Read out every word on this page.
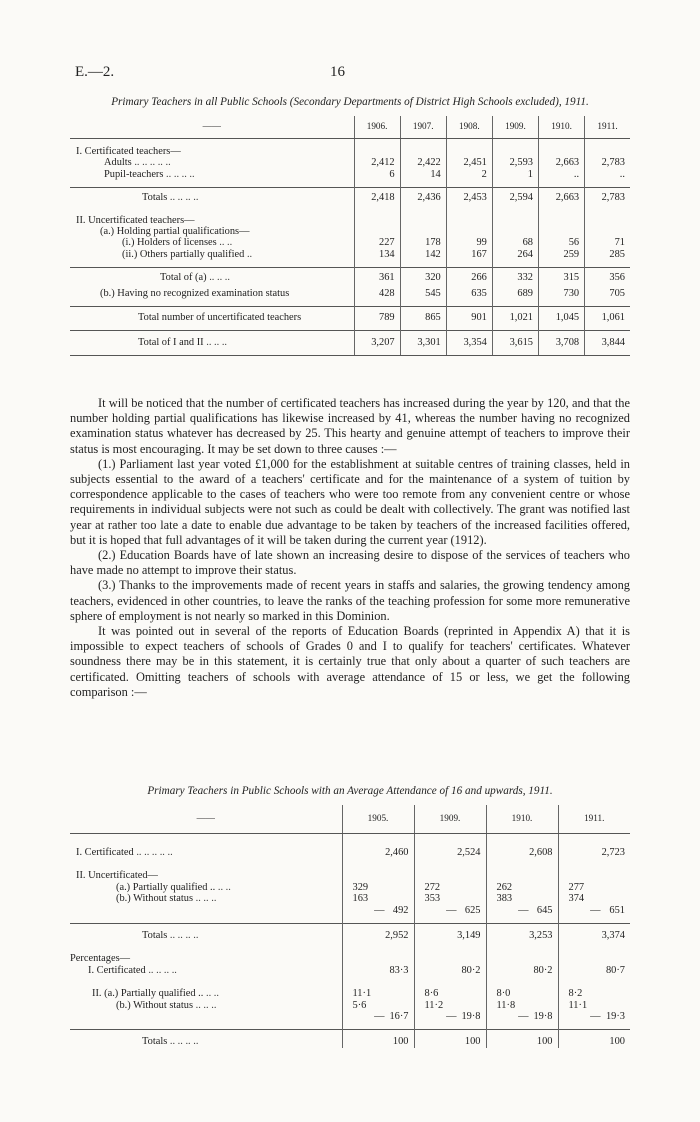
E.—2.	16
Primary Teachers in all Public Schools (Secondary Departments of District High Schools excluded), 1911.
——	1906.	1907.	1908.	1909.	1910.	1911.

I. Certificated teachers—						
Adults .. .. .. .. ..	2,412	2,422	2,451	2,593	2,663	2,783
Pupil-teachers .. .. .. ..	6	14	2	1	..	..

Totals .. .. .. ..	2,418	2,436	2,453	2,594	2,663	2,783

II. Uncertificated teachers—						
(a.) Holding partial qualifications—						
(i.) Holders of licenses .. ..	227	178	99	68	56	71
(ii.) Others partially qualified ..	134	142	167	264	259	285

Total of (a) .. .. ..	361	320	266	332	315	356
(b.) Having no recognized examination status	428	545	635	689	730	705

Total number of uncertificated teachers	789	865	901	1,021	1,045	1,061

Total of I and II .. .. ..	3,207	3,301	3,354	3,615	3,708	3,844

It will be noticed that the number of certificated teachers has increased during the year by 120, and that the number holding partial qualifications has likewise increased by 41, whereas the number having no recognized examination status whatever has decreased by 25. This hearty and genuine attempt of teachers to improve their status is most encouraging. It may be set down to three causes :—

(1.) Parliament last year voted £1,000 for the establishment at suitable centres of training classes, held in subjects essential to the award of a teachers' certificate and for the maintenance of a system of tuition by correspondence applicable to the cases of teachers who were too remote from any convenient centre or whose requirements in individual subjects were not such as could be dealt with collectively. The grant was notified last year at rather too late a date to enable due advantage to be taken by teachers of the increased facilities offered, but it is hoped that full advantages of it will be taken during the current year (1912).

(2.) Education Boards have of late shown an increasing desire to dispose of the services of teachers who have made no attempt to improve their status.

(3.) Thanks to the improvements made of recent years in staffs and salaries, the growing tendency among teachers, evidenced in other countries, to leave the ranks of the teaching profession for some more remunerative sphere of employment is not nearly so marked in this Dominion.

It was pointed out in several of the reports of Education Boards (reprinted in Appendix A) that it is impossible to expect teachers of schools of Grades 0 and I to qualify for teachers' certificates. Whatever soundness there may be in this statement, it is certainly true that only about a quarter of such teachers are certificated. Omitting teachers of schools with average attendance of 15 or less, we get the following comparison :—

Primary Teachers in Public Schools with an Average Attendance of 16 and upwards, 1911.
——	1905.	1909.	1910.	1911.

I. Certificated .. .. .. .. ..	2,460	2,524	2,608	2,723

II. Uncertificated—				
(a.) Partially qualified .. .. ..	329	272	262	277
(b.) Without status .. .. ..	163	353	383	374

	— 492	— 625	— 645	— 651

Totals .. .. .. ..	2,952	3,149	3,253	3,374

Percentages—				
I. Certificated .. .. .. ..	83·3	80·2	80·2	80·7

II. (a.) Partially qualified .. .. ..	11·1	8·6	8·0	8·2
(b.) Without status .. .. ..	5·6	11·2	11·8	11·1

	— 16·7	— 19·8	— 19·8	— 19·3

Totals .. .. .. ..	100	100	100	100
